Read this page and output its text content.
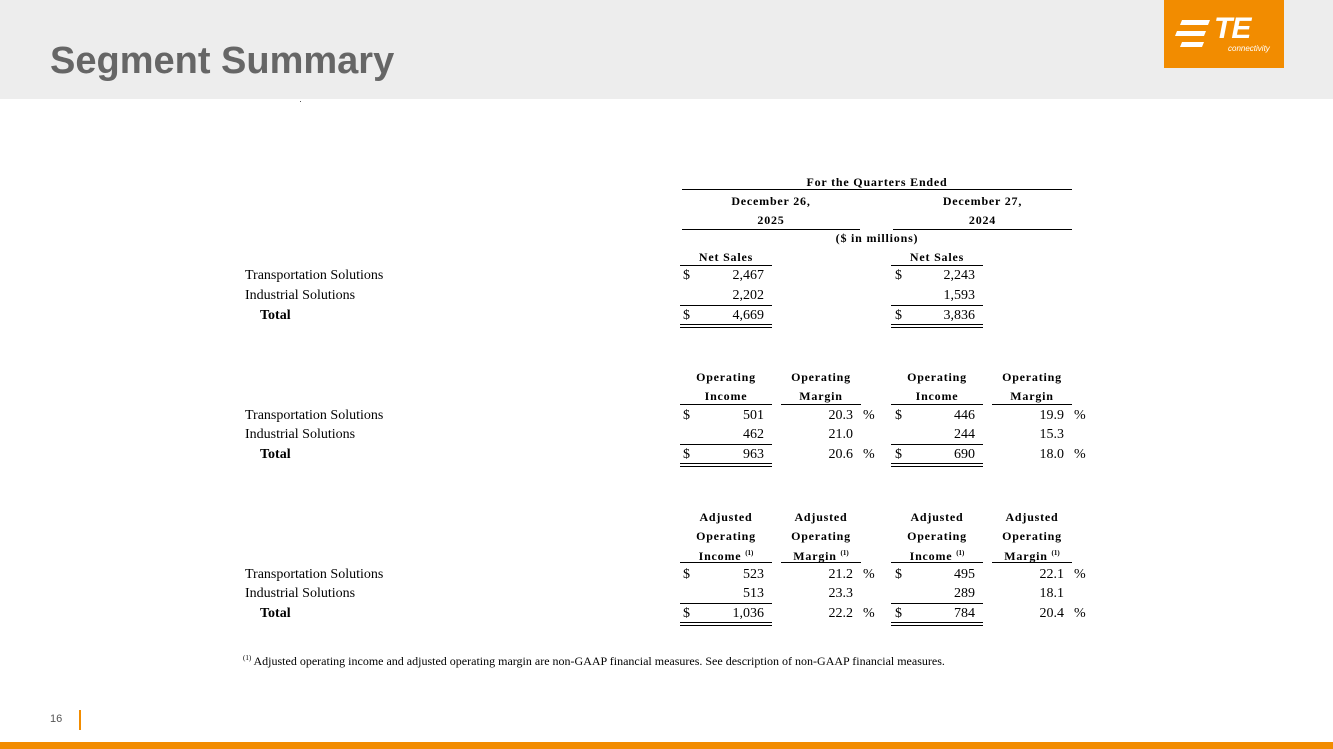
Segment Summary
TE
connectivity
For the Quarters Ended
December 26,
2025
December 27,
2024
($ in millions)
Net Sales	Net Sales
Transportation Solutions	$	2,467	$	2,243
Industrial Solutions	2,202	1,593
Total	$	4,669	$	3,836
Operating
Income
Operating
Margin
Operating
Income
Operating
Margin
Transportation Solutions	$	501	20.3 % $	446	19.9 %
Industrial Solutions	462	21.0	244	15.3
Total	$	963	20.6 % $	690	18.0 %
Adjusted
Operating
Income $^{(1)}$
Adjusted
Operating
Margin $^{(1)}$
Adjusted
Operating
Income $^{(1)}$
Adjusted
Operating
Margin $^{(1)}$
Transportation Solutions	$	523	21.2 % $	495	22.1 %
Industrial Solutions	513	23.3	289	18.1
Total	$	1,036	22.2 % $	784	20.4 %
$^{(1)}$ Adjusted operating income and adjusted operating margin are non-GAAP financial measures. See description of non-GAAP financial measures.
16
